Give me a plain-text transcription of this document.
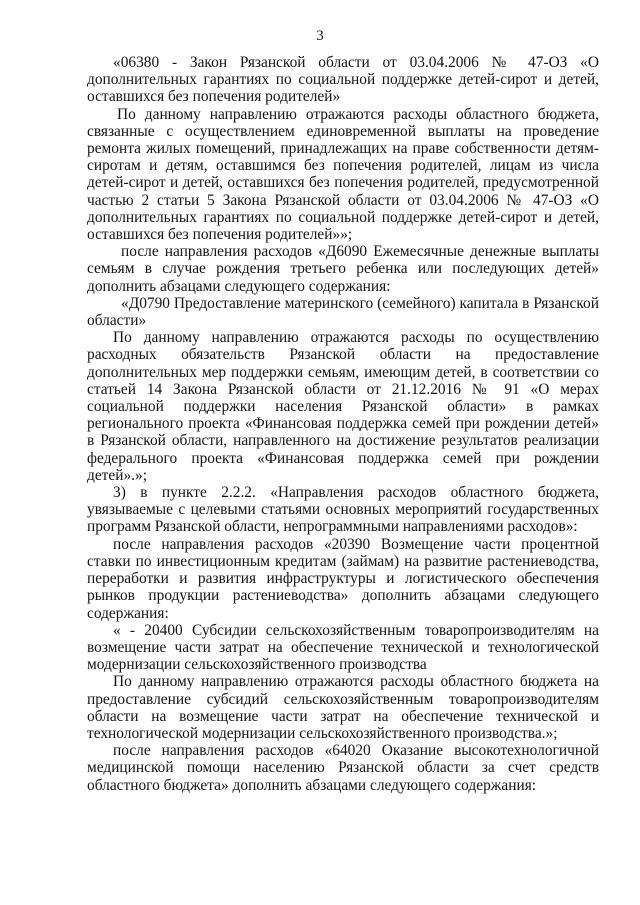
3

«06380 - Закон Рязанской области от 03.04.2006 № 47-ОЗ «О дополнительных гарантиях по социальной поддержке детей-сирот и детей, оставшихся без попечения родителей»

По данному направлению отражаются расходы областного бюджета, связанные с осуществлением единовременной выплаты на проведение ремонта жилых помещений, принадлежащих на праве собственности детям-сиротам и детям, оставшимся без попечения родителей, лицам из числа детей-сирот и детей, оставшихся без попечения родителей, предусмотренной частью 2 статьи 5 Закона Рязанской области от 03.04.2006 № 47-ОЗ «О дополнительных гарантиях по социальной поддержке детей-сирот и детей, оставшихся без попечения родителей»»;

после направления расходов «Д6090 Ежемесячные денежные выплаты семьям в случае рождения третьего ребенка или последующих детей» дополнить абзацами следующего содержания:

«Д0790 Предоставление материнского (семейного) капитала в Рязанской области»

По данному направлению отражаются расходы по осуществлению расходных обязательств Рязанской области на предоставление дополнительных мер поддержки семьям, имеющим детей, в соответствии со статьей 14 Закона Рязанской области от 21.12.2016 № 91 «О мерах социальной поддержки населения Рязанской области» в рамках регионального проекта «Финансовая поддержка семей при рождении детей» в Рязанской области, направленного на достижение результатов реализации федерального проекта «Финансовая поддержка семей при рождении детей».»;

3) в пункте 2.2.2. «Направления расходов областного бюджета, увязываемые с целевыми статьями основных мероприятий государственных программ Рязанской области, непрограммными направлениями расходов»:

после направления расходов «20390 Возмещение части процентной ставки по инвестиционным кредитам (займам) на развитие растениеводства, переработки и развития инфраструктуры и логистического обеспечения рынков продукции растениеводства» дополнить абзацами следующего содержания:

« - 20400 Субсидии сельскохозяйственным товаропроизводителям на возмещение части затрат на обеспечение технической и технологической модернизации сельскохозяйственного производства

По данному направлению отражаются расходы областного бюджета на предоставление субсидий сельскохозяйственным товаропроизводителям области на возмещение части затрат на обеспечение технической и технологической модернизации сельскохозяйственного производства.»;

после направления расходов «64020 Оказание высокотехнологичной медицинской помощи населению Рязанской области за счет средств областного бюджета» дополнить абзацами следующего содержания:
